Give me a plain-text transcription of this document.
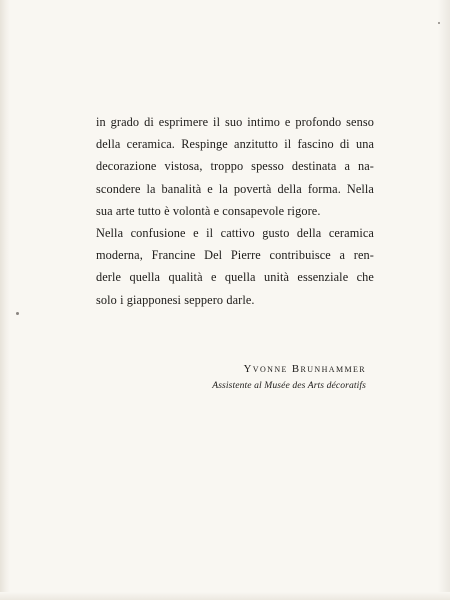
in grado di esprimere il suo intimo e profondo senso
della ceramica. Respinge anzitutto il fascino di una
decorazione vistosa, troppo spesso destinata a na-
scondere la banalità e la povertà della forma. Nella
sua arte tutto è volontà e consapevole rigore.
Nella confusione e il cattivo gusto della ceramica
moderna, Francine Del Pierre contribuisce a ren-
derle quella qualità e quella unità essenziale che
solo i giapponesi seppero darle.
Yvonne Brunhammer
Assistente al Musée des Arts décoratifs
